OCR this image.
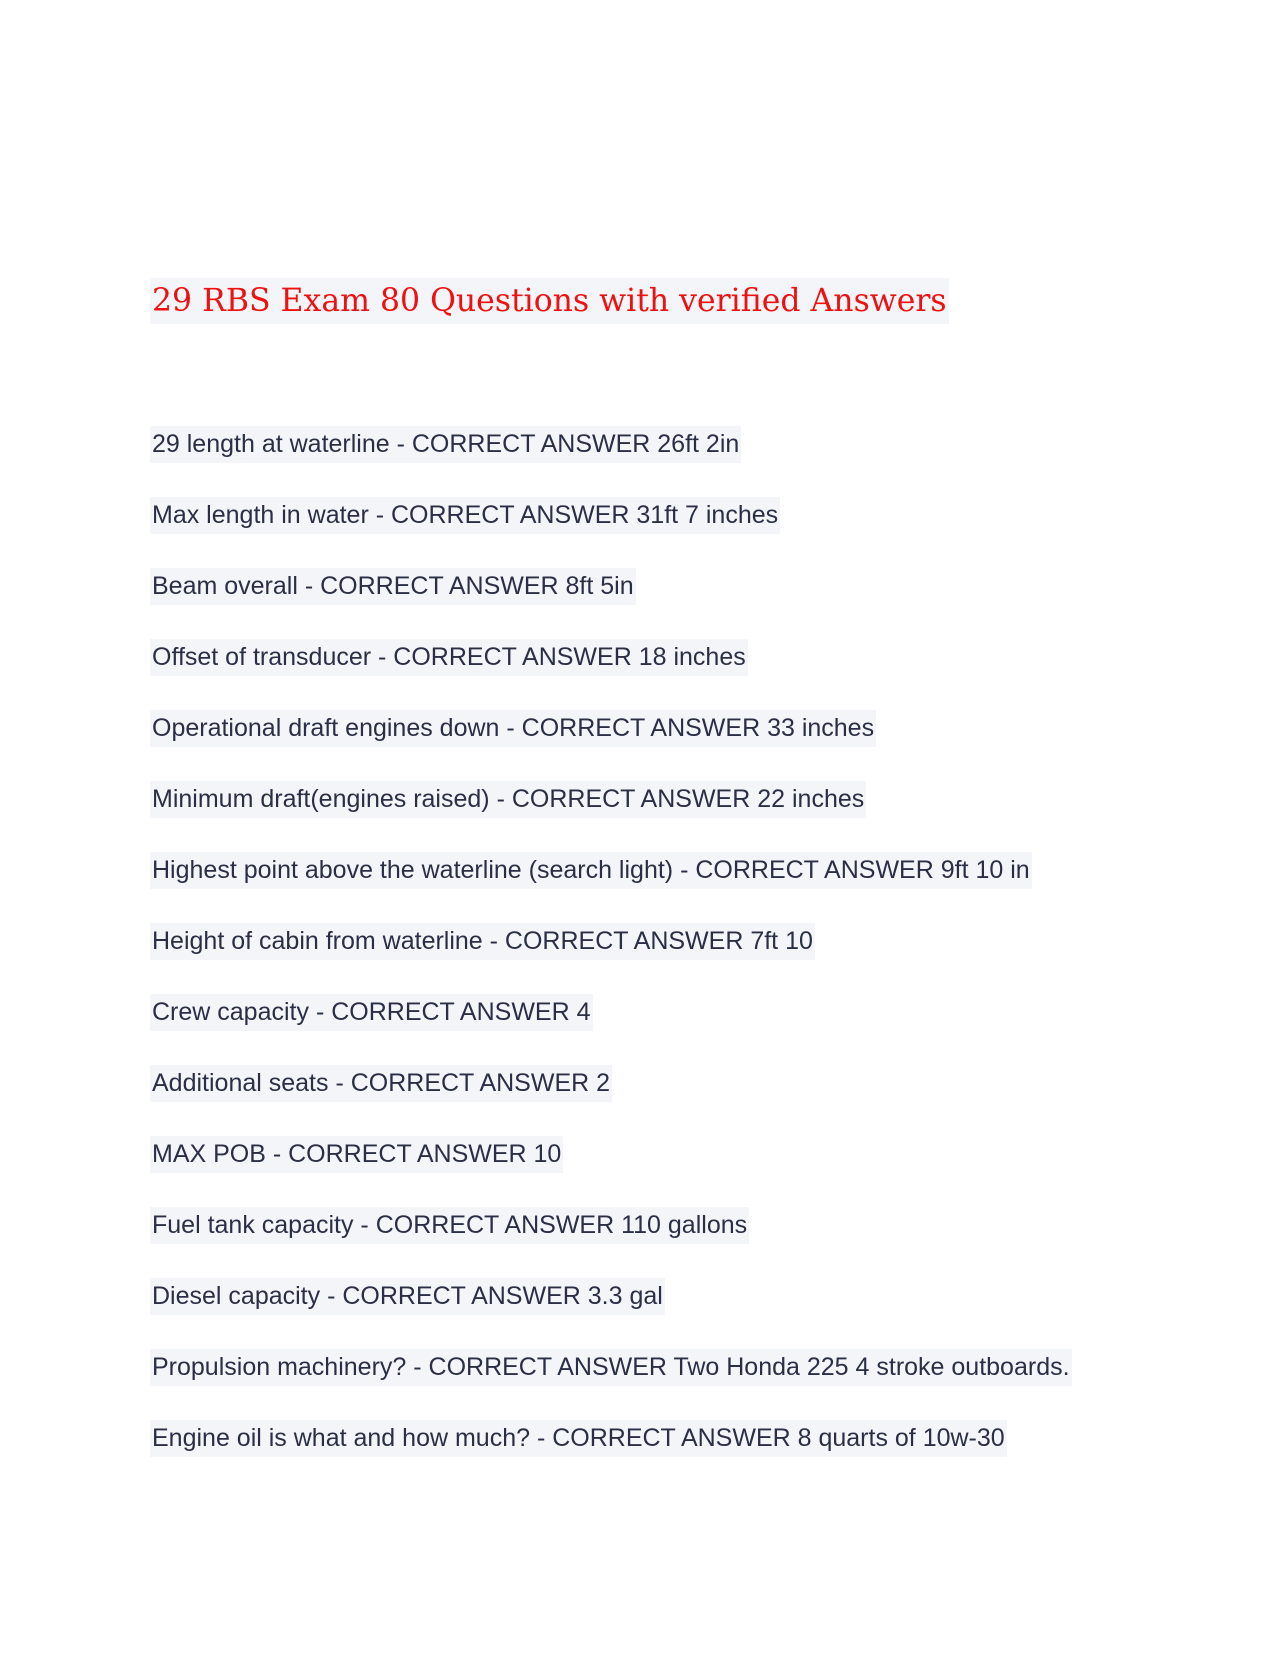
29 RBS Exam 80 Questions with verified Answers
29 length at waterline - CORRECT ANSWER 26ft 2in
Max length in water - CORRECT ANSWER 31ft 7 inches
Beam overall - CORRECT ANSWER 8ft 5in
Offset of transducer - CORRECT ANSWER 18 inches
Operational draft engines down - CORRECT ANSWER 33 inches
Minimum draft(engines raised) - CORRECT ANSWER 22 inches
Highest point above the waterline (search light) - CORRECT ANSWER 9ft 10 in
Height of cabin from waterline - CORRECT ANSWER 7ft 10
Crew capacity - CORRECT ANSWER 4
Additional seats - CORRECT ANSWER 2
MAX POB - CORRECT ANSWER 10
Fuel tank capacity - CORRECT ANSWER 110 gallons
Diesel capacity - CORRECT ANSWER 3.3 gal
Propulsion machinery? - CORRECT ANSWER Two Honda 225 4 stroke outboards.
Engine oil is what and how much? - CORRECT ANSWER 8 quarts of 10w-30
